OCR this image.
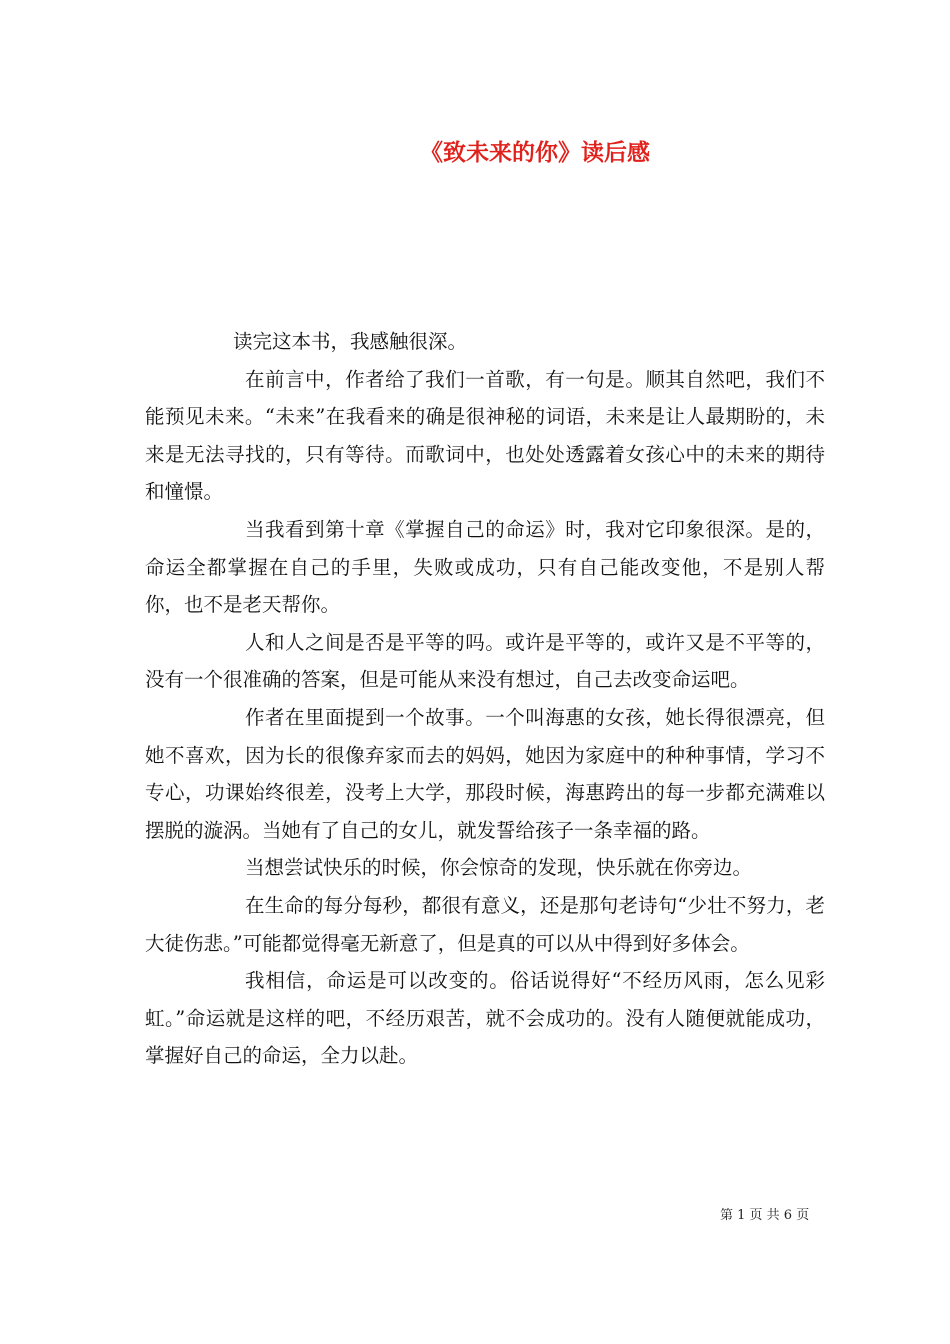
《致未来的你》读后感

读完这本书，我感触很深。

在前言中，作者给了我们一首歌，有一句是。顺其自然吧，我们不能预见未来。“未来”在我看来的确是很神秘的词语，未来是让人最期盼的，未来是无法寻找的，只有等待。而歌词中，也处处透露着女孩心中的未来的期待和憧憬。

当我看到第十章《掌握自己的命运》时，我对它印象很深。是的，命运全都掌握在自己的手里，失败或成功，只有自己能改变他，不是别人帮你，也不是老天帮你。

人和人之间是否是平等的吗。或许是平等的，或许又是不平等的，没有一个很准确的答案，但是可能从来没有想过，自己去改变命运吧。

作者在里面提到一个故事。一个叫海惠的女孩，她长得很漂亮，但她不喜欢，因为长的很像弃家而去的妈妈，她因为家庭中的种种事情，学习不专心，功课始终很差，没考上大学，那段时候，海惠跨出的每一步都充满难以摆脱的漩涡。当她有了自己的女儿，就发誓给孩子一条幸福的路。

当想尝试快乐的时候，你会惊奇的发现，快乐就在你旁边。

在生命的每分每秒，都很有意义，还是那句老诗句“少壮不努力，老大徒伤悲。”可能都觉得毫无新意了，但是真的可以从中得到好多体会。

我相信，命运是可以改变的。俗话说得好“不经历风雨，怎么见彩虹。”命运就是这样的吧，不经历艰苦，就不会成功的。没有人随便就能成功，掌握好自己的命运，全力以赴。

第 1 页 共 6 页
